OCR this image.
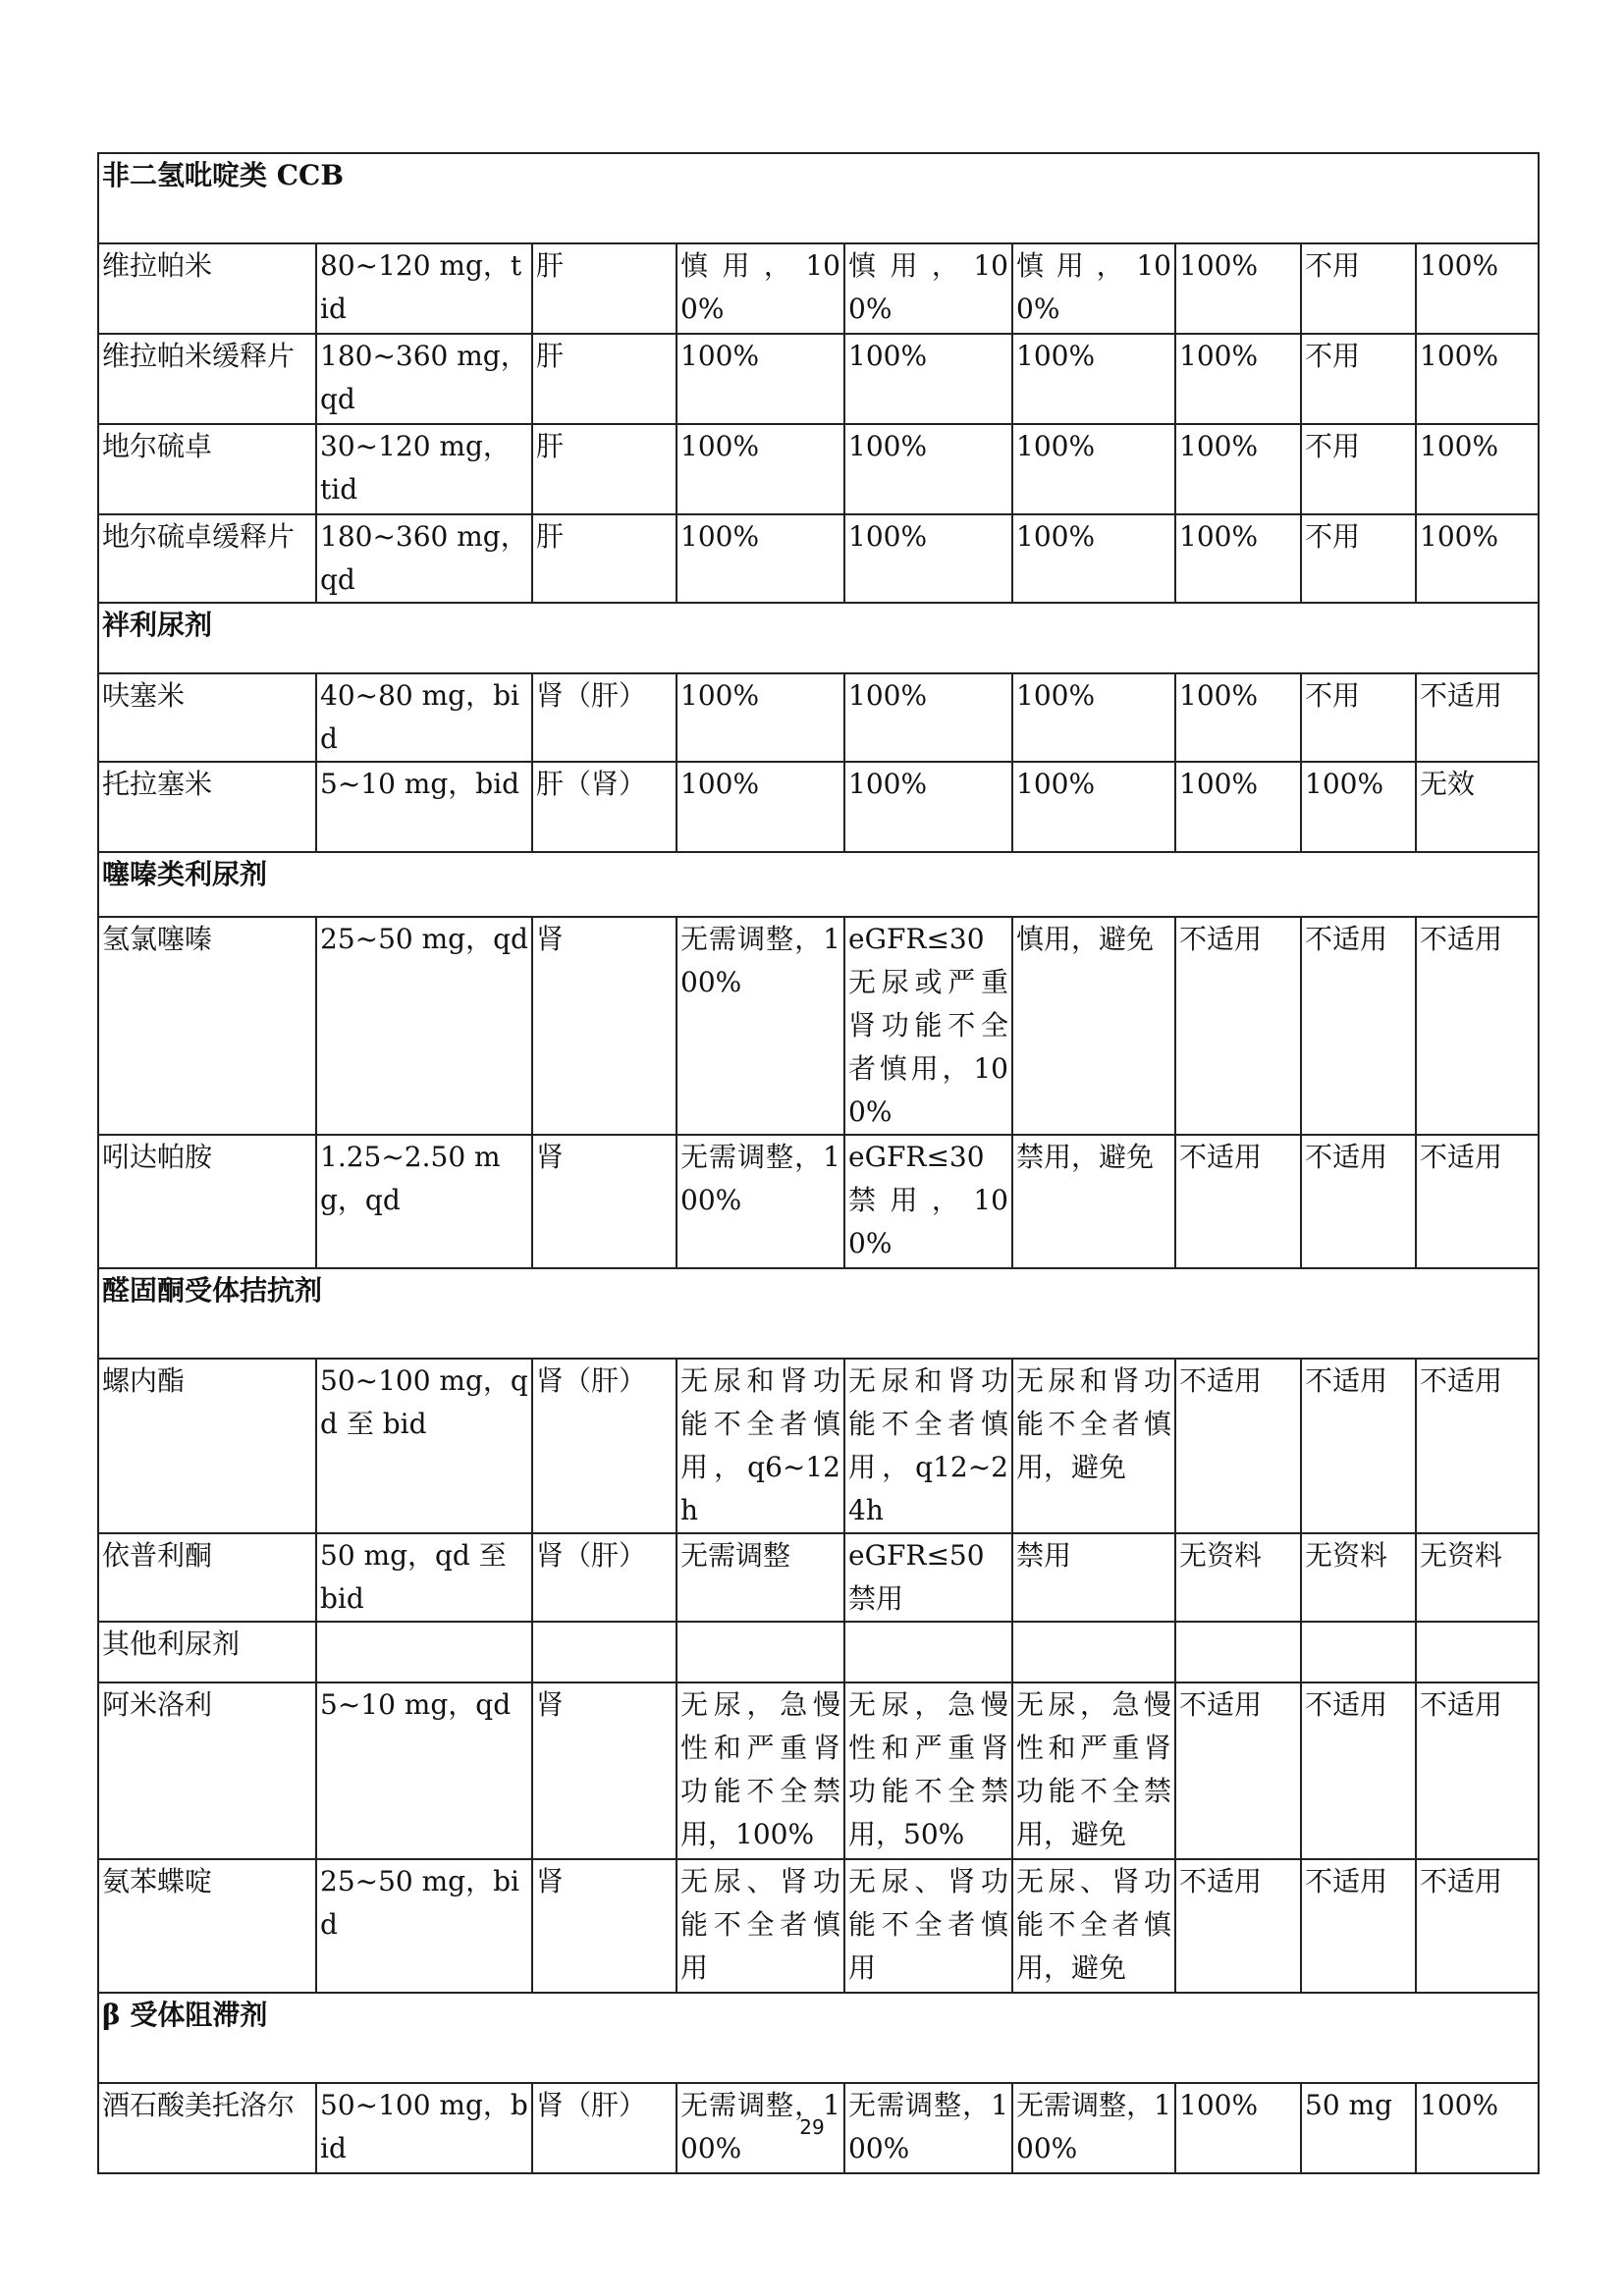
非二氢吡啶类 CCB								
维拉帕米	80~120 mg，tid	肝	慎用，100%	慎用，100%	慎用，100%	100%	不用	100%
维拉帕米缓释片	180~360 mg，qd	肝	100%	100%	100%	100%	不用	100%
地尔硫卓	30~120 mg， tid	肝	100%	100%	100%	100%	不用	100%
地尔硫卓缓释片	180~360 mg，qd	肝	100%	100%	100%	100%	不用	100%
袢利尿剂								
呋塞米	40~80 mg，bid	肾（肝）	100%	100%	100%	100%	不用	不适用
托拉塞米	5~10 mg，bid	肝（肾）	100%	100%	100%	100%	100%	无效
噻嗪类利尿剂								
氢氯噻嗪	25~50 mg，qd	肾	无需调整，100%	eGFR≤30 无尿或严重肾功能不全者慎用，100%	慎用，避免	不适用	不适用	不适用
吲达帕胺	1.25~2.50 mg，qd	肾	无需调整，100%	eGFR≤30 禁用，100%	禁用，避免	不适用	不适用	不适用
醛固酮受体拮抗剂								
螺内酯	50~100 mg，qd 至 bid	肾（肝）	无尿和肾功能不全者慎用，q6~12h	无尿和肾功能不全者慎用，q12~24h	无尿和肾功能不全者慎用，避免	不适用	不适用	不适用
依普利酮	50 mg，qd 至 bid	肾（肝）	无需调整	eGFR≤50 禁用	禁用	无资料	无资料	无资料
其他利尿剂								
阿米洛利	5~10 mg，qd	肾	无尿，急慢性和严重肾功能不全禁用，100%	无尿，急慢性和严重肾功能不全禁用，50%	无尿，急慢性和严重肾功能不全禁用，避免	不适用	不适用	不适用
氨苯蝶啶	25~50 mg，bid	肾	无尿、肾功能不全者慎用	无尿、肾功能不全者慎用	无尿、肾功能不全者慎用，避免	不适用	不适用	不适用
β 受体阻滞剂								
酒石酸美托洛尔	50~100 mg，bid	肾（肝）	无需调整，100%	无需调整，100%	无需调整，100%	100%	50 mg	100%
29
